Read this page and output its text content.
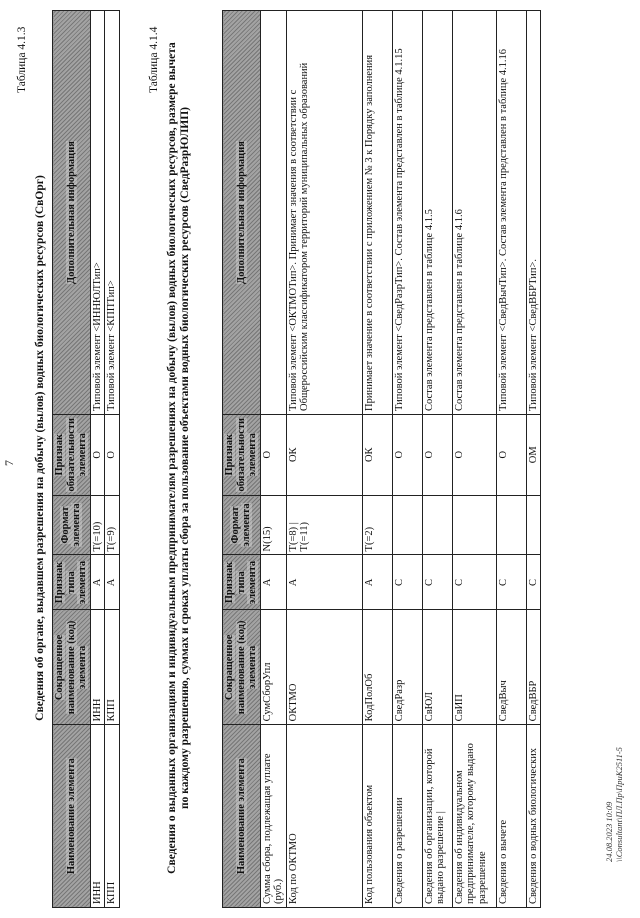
7
Таблица 4.1.3
Сведения об органе, выдавшем разрешения на добычу (вылов) водных биологических ресурсов (СвОрг)
Наименование элемента	Сокращенное наименование (код) элемента	Признак типа элемента	Формат элемента	Признак обязательности элемента	Дополнительная информация
ИНН	ИНН	А	T(=10)	О	Типовой элемент <ИННЮЛТип>
КПП	КПП	А	T(=9)	О	Типовой элемент <КППТип>
Таблица 4.1.4 Сведения о выданных организациям и индивидуальным предпринимателям разрешениях на добычу (вылов) водных биологических ресурсов, размере вычета по каждому разрешению, суммах и сроках уплаты сбора за пользование объектами водных биологических ресурсов (СведРазрЮЛИП)
Наименование элемента	Сокращенное наименование (код) элемента	Признак типа элемента	Формат элемента	Признак обязательности элемента	Дополнительная информация
Сумма сбора, подлежащая уплате (руб.)	СумСборУпл	А	N(15)	О	
Код по ОКТМО	ОКТМО	А	T(=8) | T(=11)	ОК	Типовой элемент <ОКТМОТип>. Принимает значения в соответствии с Общероссийским классификатором территорий муниципальных образований
Код пользования объектом	КодПолОб	А	T(=2)	ОК	Принимает значение в соответствии с приложением № 3 к Порядку заполнения
Сведения о разрешении	СведРазр	С		О	Типовой элемент <СведРазрТип>. Состав элемента представлен в таблице 4.1.15
Сведения об организации, которой выдано разрешение |	СвЮЛ	С		О	Состав элемента представлен в таблице 4.1.5
Сведения об индивидуальном предпринимателе, которому выдано разрешение	СвИП	С		О	Состав элемента представлен в таблице 4.1.6
Сведения о вычете	СведВыч	С		О	Типовой элемент <СведВычТип>. Состав элемента представлен в таблице 4.1.16
Сведения о водных биологических	СведВБР	С		ОМ	Типовой элемент <СведВБРТип>.
24.08.2023 10:09 \\Consultant\ПЛ.Пр\ПриК2511-5
